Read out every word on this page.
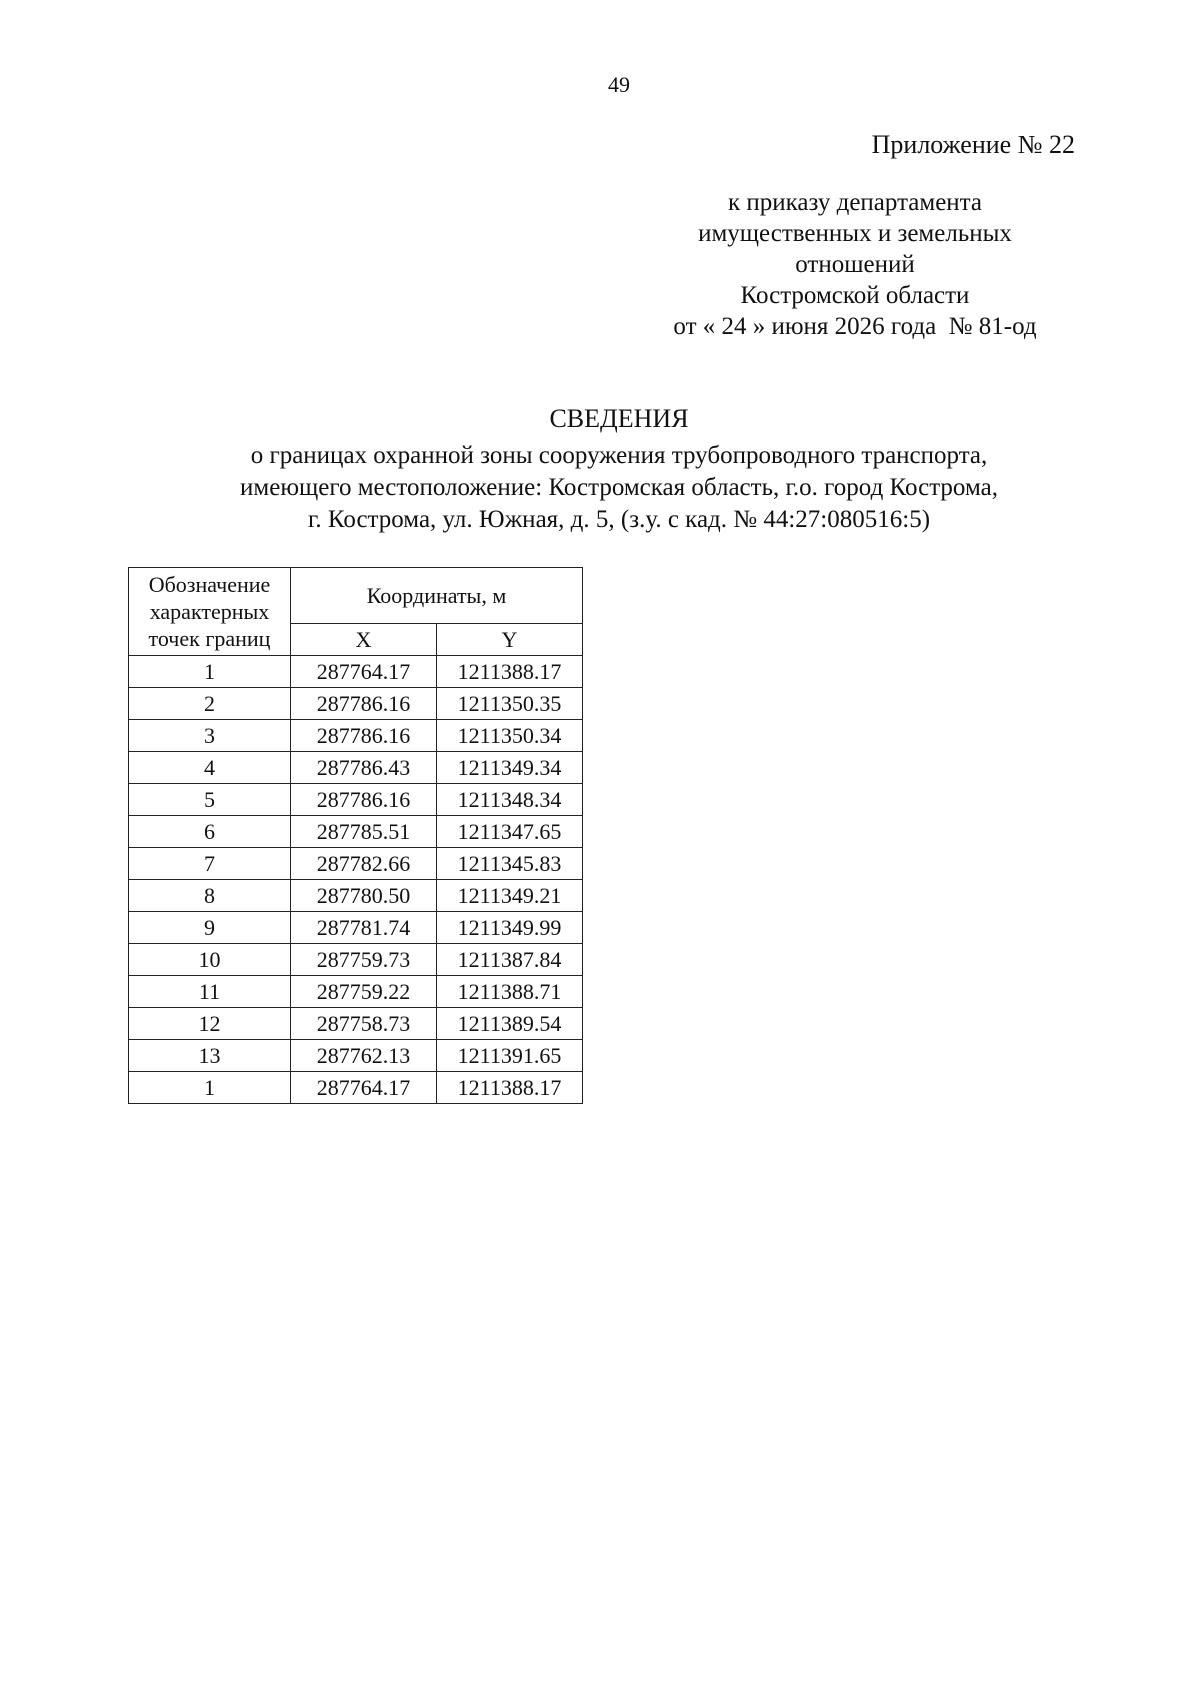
49
Приложение № 22
к приказу департамента
имущественных и земельных
отношений
Костромской области
от « 24 » июня 2026 года  № 81-од
СВЕДЕНИЯ
о границах охранной зоны сооружения трубопроводного транспорта,
имеющего местоположение: Костромская область, г.о. город Кострома,
г. Кострома, ул. Южная, д. 5, (з.у. с кад. № 44:27:080516:5)
Обозначение
характерных
точек границ	Координаты, м	
	X	Y
1	287764.17	1211388.17
2	287786.16	1211350.35
3	287786.16	1211350.34
4	287786.43	1211349.34
5	287786.16	1211348.34
6	287785.51	1211347.65
7	287782.66	1211345.83
8	287780.50	1211349.21
9	287781.74	1211349.99
10	287759.73	1211387.84
11	287759.22	1211388.71
12	287758.73	1211389.54
13	287762.13	1211391.65
1	287764.17	1211388.17
